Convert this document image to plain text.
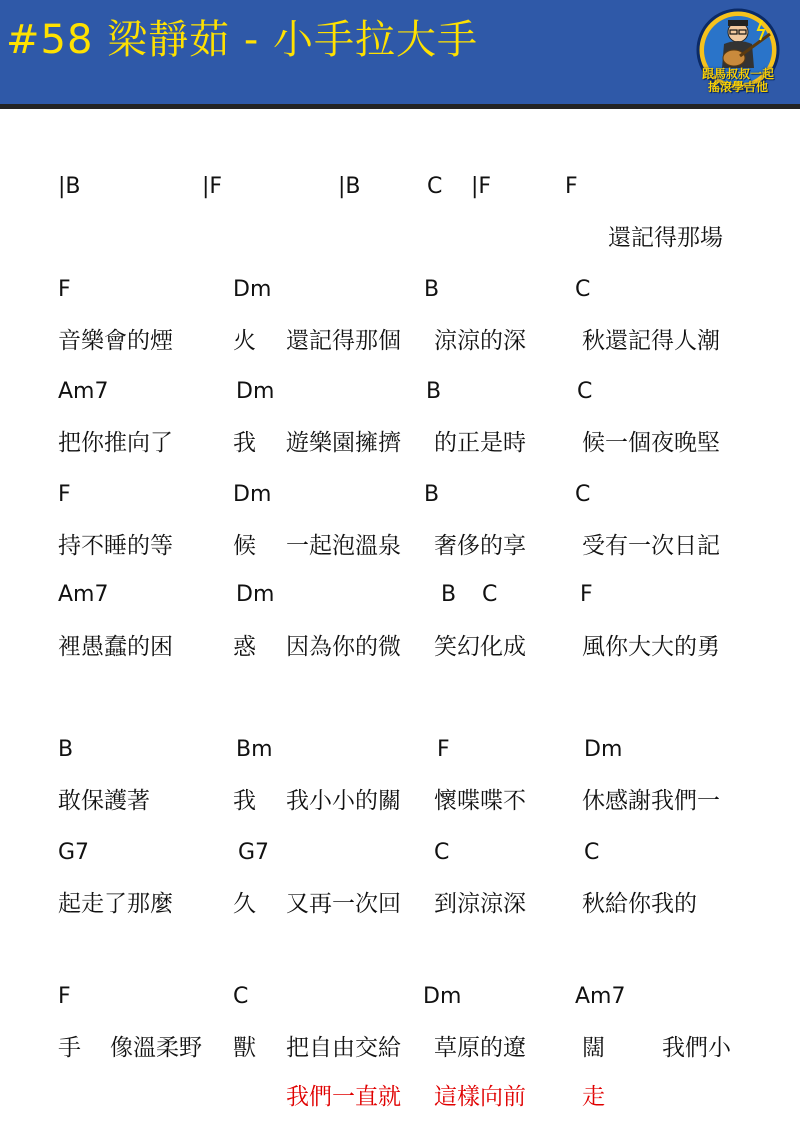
#58 梁靜茹 - 小手拉大手
跟馬叔叔一起
搖滾學吉他
|B	|F	|B	C |F	F
還記得那場
F	Dm	B	C
音樂會的煙	火 還記得那個 涼涼的深 秋還記得人潮
Am7	Dm	B	C
把你推向了	我 遊樂園擁擠 的正是時 候一個夜晚堅
F	Dm	B	C
持不睡的等	候 一起泡溫泉 奢侈的享 受有一次日記
Am7	Dm	B C	F
裡愚蠢的困	惑 因為你的微 笑幻化成 風你大大的勇
B	Bm	F	Dm
敢保護著	我 我小小的關 懷喋喋不 休感謝我們一
G7	G7	C	C
起走了那麼	久 又再一次回 到涼涼深 秋給你我的
F	C	Dm	Am7
手 像溫柔野 獸 把自由交給 草原的遼 闊 我們小
我們一直就 這樣向前 走
